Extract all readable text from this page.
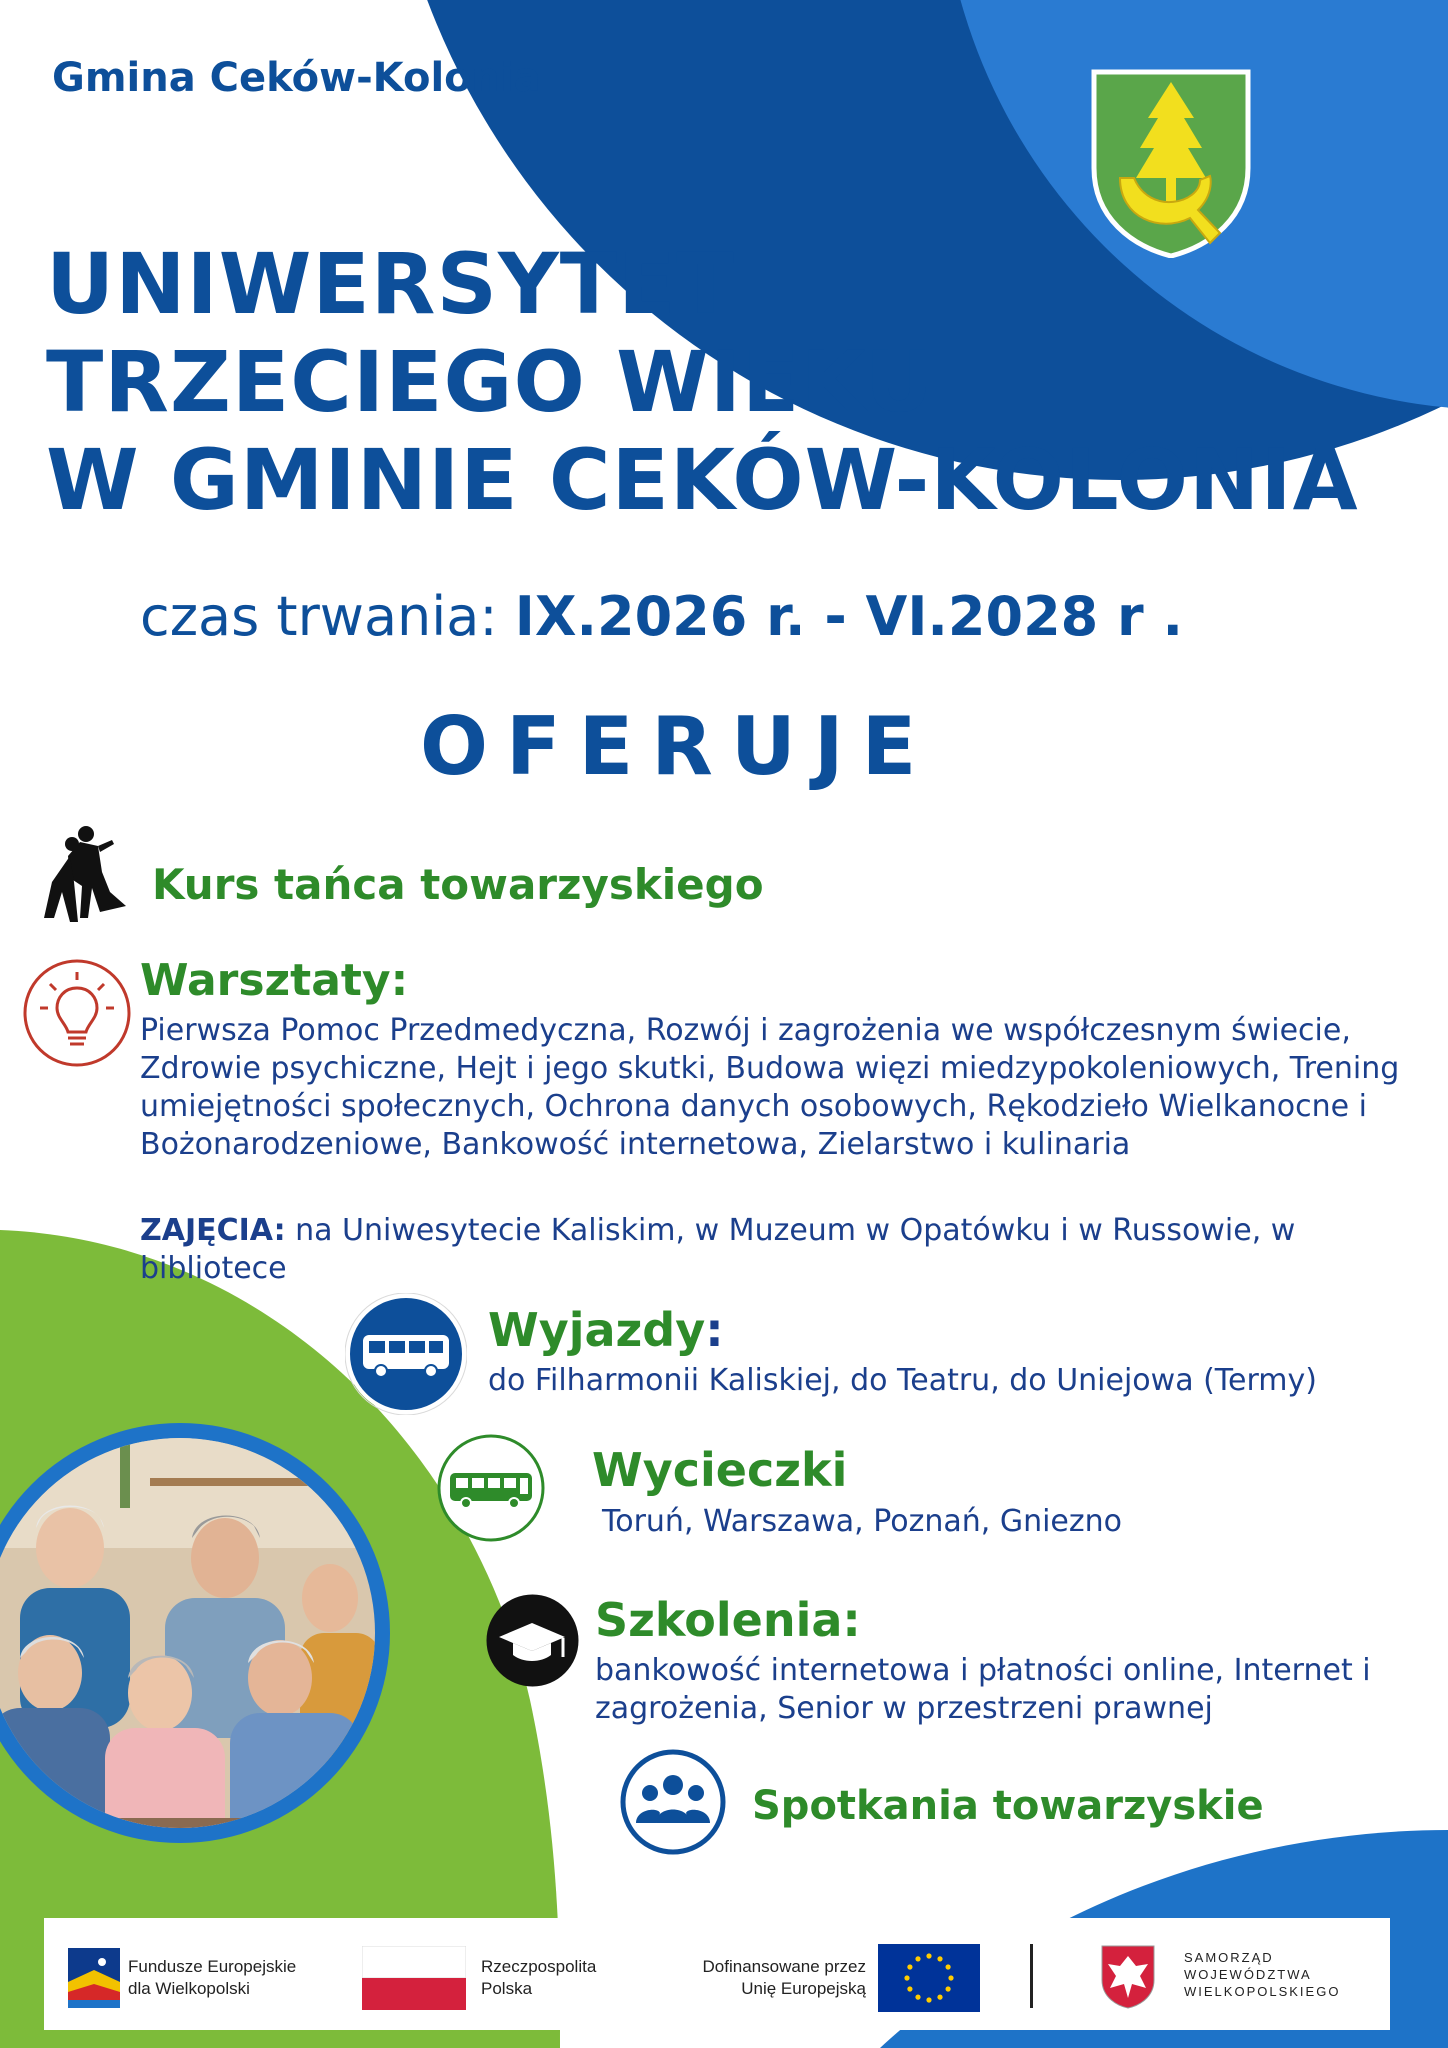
Gmina Ceków-Kolonia
UNIWERSYTET
TRZECIEGO WIEKU
W GMINIE CEKÓW-KOLONIA
czas trwania: IX.2026 r. - VI.2028 r .
OFERUJE
Kurs tańca towarzyskiego
Warsztaty:
Pierwsza Pomoc Przedmedyczna, Rozwój i zagrożenia we współczesnym świecie, Zdrowie psychiczne, Hejt i jego skutki, Budowa więzi miedzypokoleniowych, Trening umiejętności społecznych, Ochrona danych osobowych, Rękodzieło Wielkanocne i Bożonarodzeniowe, Bankowość internetowa, Zielarstwo i kulinaria
ZAJĘCIA: na Uniwesytecie Kaliskim, w Muzeum w Opatówku i w Russowie, w bibliotece
Wyjazdy:
do Filharmonii Kaliskiej, do Teatru, do Uniejowa (Termy)
Wycieczki
Toruń, Warszawa, Poznań, Gniezno
Szkolenia:
bankowość internetowa i płatności online, Internet i zagrożenia, Senior w przestrzeni prawnej
Spotkania towarzyskie
Fundusze Europejskie
dla Wielkopolski
Rzeczpospolita
Polska
Dofinansowane przez
Unię Europejską
SAMORZĄD
WOJEWÓDZTWA
WIELKOPOLSKIEGO
